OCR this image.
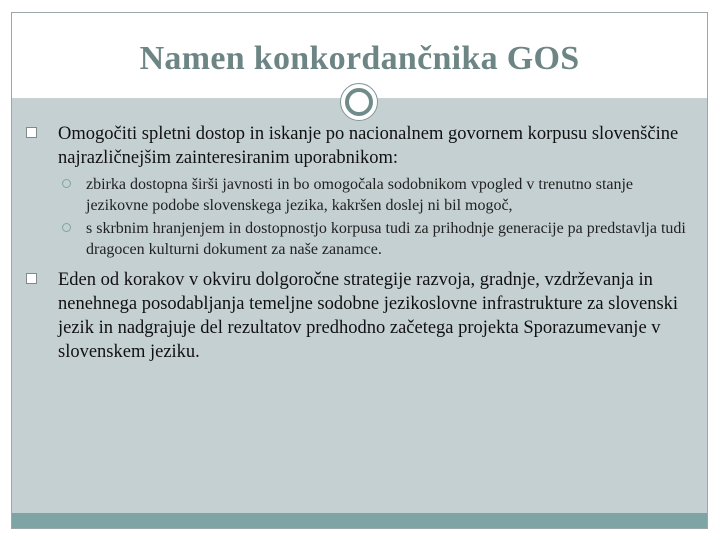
Namen konkordančnika GOS
Omogočiti spletni dostop in iskanje po nacionalnem govornem korpusu slovenščine najrazličnejšim zainteresiranim uporabnikom:
zbirka dostopna širši javnosti in bo omogočala sodobnikom vpogled v trenutno stanje jezikovne podobe slovenskega jezika, kakršen doslej ni bil mogoč,
s skrbnim hranjenjem in dostopnostjo korpusa tudi za prihodnje generacije pa predstavlja tudi dragocen kulturni dokument za naše zanamce.
Eden od korakov v okviru dolgoročne strategije razvoja, gradnje, vzdrževanja in nenehnega posodabljanja temeljne sodobne jezikoslovne infrastrukture za slovenski jezik in nadgrajuje del rezultatov predhodno začetega projekta Sporazumevanje v slovenskem jeziku.
